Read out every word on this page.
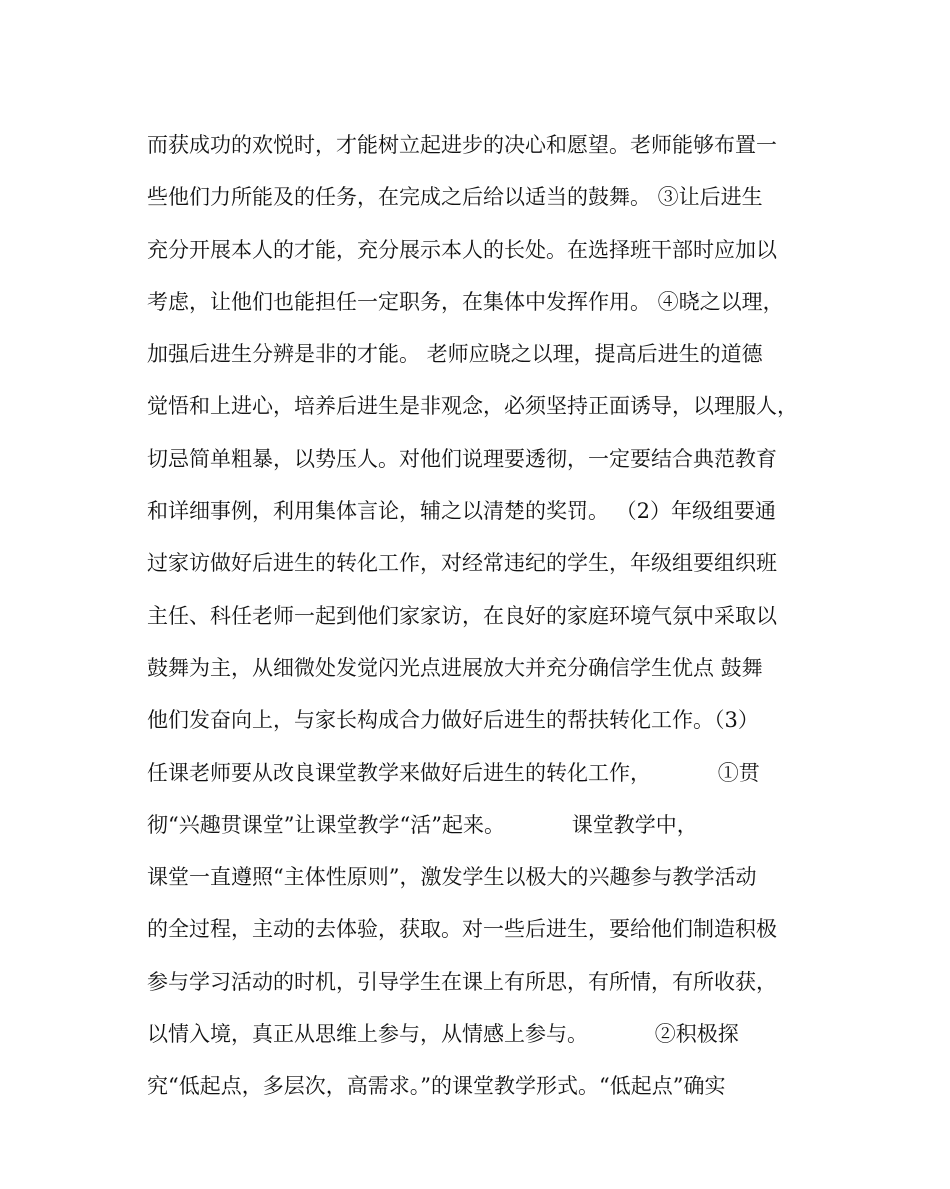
而获成功的欢悦时，才能树立起进步的决心和愿望。老师能够布置一
些他们力所能及的任务，在完成之后给以适当的鼓舞。 ③让后进生
充分开展本人的才能，充分展示本人的长处。在选择班干部时应加以
考虑，让他们也能担任一定职务，在集体中发挥作用。 ④晓之以理，
加强后进生分辨是非的才能。 老师应晓之以理，提高后进生的道德
觉悟和上进心，培养后进生是非观念，必须坚持正面诱导，以理服人，
切忌简单粗暴，以势压人。对他们说理要透彻，一定要结合典范教育
和详细事例，利用集体言论，辅之以清楚的奖罚。 （2）年级组要通
过家访做好后进生的转化工作，对经常违纪的学生，年级组要组织班
主任、科任老师一起到他们家家访，在良好的家庭环境气氛中采取以
鼓舞为主，从细微处发觉闪光点进展放大并充分确信学生优点 鼓舞
他们发奋向上，与家长构成合力做好后进生的帮扶转化工作。（3）
任课老师要从改良课堂教学来做好后进生的转化工作，          ①贯
彻“兴趣贯课堂”让课堂教学“活”起来。          课堂教学中，
课堂一直遵照“主体性原则”，激发学生以极大的兴趣参与教学活动
的全过程，主动的去体验，获取。对一些后进生，要给他们制造积极
参与学习活动的时机，引导学生在课上有所思，有所情，有所收获，
以情入境，真正从思维上参与，从情感上参与。          ②积极探
究“低起点，多层次，高需求。”的课堂教学形式。“低起点”确实
